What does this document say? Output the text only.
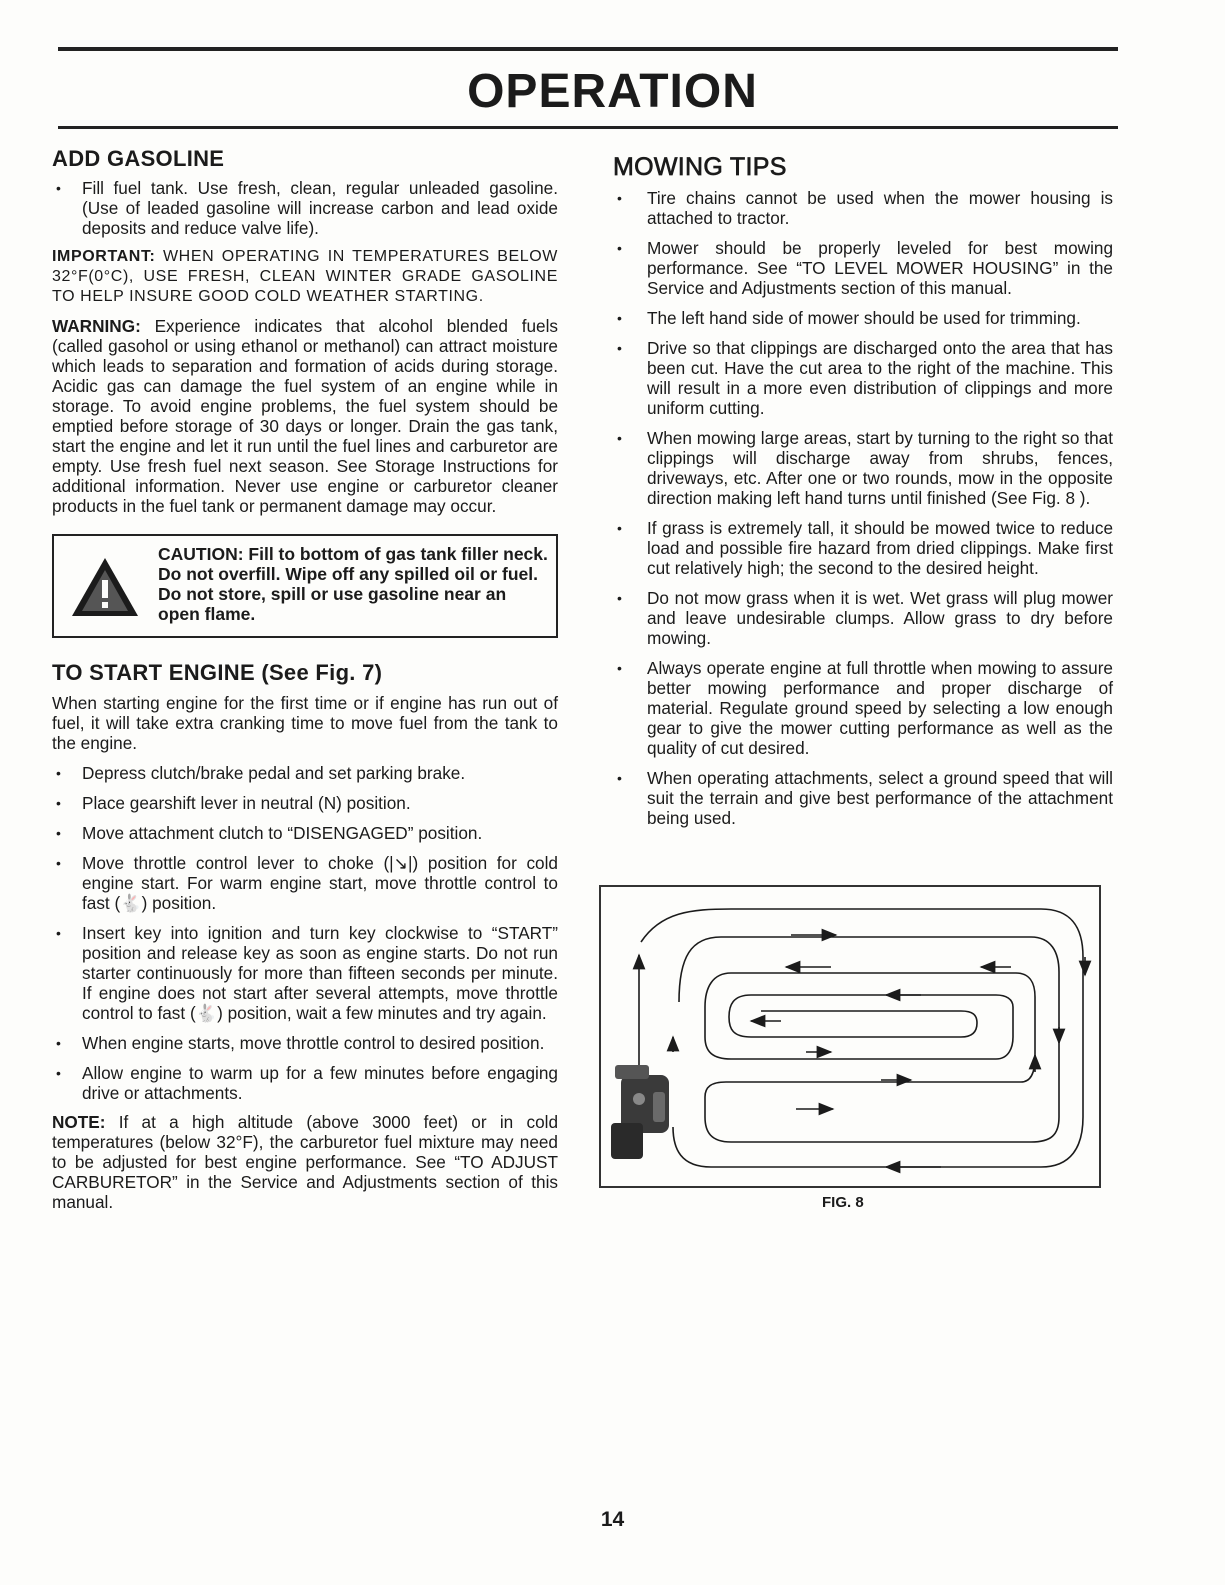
OPERATION
ADD GASOLINE
• Fill fuel tank. Use fresh, clean, regular unleaded gasoline. (Use of leaded gasoline will increase carbon and lead oxide deposits and reduce valve life).

IMPORTANT: WHEN OPERATING IN TEMPERATURES BELOW 32°F(0°C), USE FRESH, CLEAN WINTER GRADE GASOLINE TO HELP INSURE GOOD COLD WEATHER STARTING.

WARNING: Experience indicates that alcohol blended fuels (called gasohol or using ethanol or methanol) can attract moisture which leads to separation and formation of acids during storage. Acidic gas can damage the fuel system of an engine while in storage. To avoid engine problems, the fuel system should be emptied before storage of 30 days or longer. Drain the gas tank, start the engine and let it run until the fuel lines and carburetor are empty. Use fresh fuel next season. See Storage Instructions for additional information. Never use engine or carburetor cleaner products in the fuel tank or permanent damage may occur.

CAUTION: Fill to bottom of gas tank filler neck. Do not overfill. Wipe off any spilled oil or fuel. Do not store, spill or use gasoline near an open flame.
TO START ENGINE (See Fig. 7)

When starting engine for the first time or if engine has run out of fuel, it will take extra cranking time to move fuel from the tank to the engine.

• Depress clutch/brake pedal and set parking brake.
• Place gearshift lever in neutral (N) position.
• Move attachment clutch to “DISENGAGED” position.
• Move throttle control lever to choke (|↘|) position for cold engine start. For warm engine start, move throttle control to fast (🐇) position.
• Insert key into ignition and turn key clockwise to “START” position and release key as soon as engine starts. Do not run starter continuously for more than fifteen seconds per minute. If engine does not start after several attempts, move throttle control to fast (🐇) position, wait a few minutes and try again.
• When engine starts, move throttle control to desired position.
• Allow engine to warm up for a few minutes before engaging drive or attachments.

NOTE: If at a high altitude (above 3000 feet) or in cold temperatures (below 32°F), the carburetor fuel mixture may need to be adjusted for best engine performance. See “TO ADJUST CARBURETOR” in the Service and Adjustments section of this manual.

MOWING TIPS
• Tire chains cannot be used when the mower housing is attached to tractor.
• Mower should be properly leveled for best mowing performance. See “TO LEVEL MOWER HOUSING” in the Service and Adjustments section of this manual.
• The left hand side of mower should be used for trimming.
• Drive so that clippings are discharged onto the area that has been cut. Have the cut area to the right of the machine. This will result in a more even distribution of clippings and more uniform cutting.
• When mowing large areas, start by turning to the right so that clippings will discharge away from shrubs, fences, driveways, etc. After one or two rounds, mow in the opposite direction making left hand turns until finished (See Fig. 8 ).
• If grass is extremely tall, it should be mowed twice to reduce load and possible fire hazard from dried clippings. Make first cut relatively high; the second to the desired height.
• Do not mow grass when it is wet. Wet grass will plug mower and leave undesirable clumps. Allow grass to dry before mowing.
• Always operate engine at full throttle when mowing to assure better mowing performance and proper discharge of material. Regulate ground speed by selecting a low enough gear to give the mower cutting performance as well as the quality of cut desired.
• When operating attachments, select a ground speed that will suit the terrain and give best performance of the attachment being used.
FIG. 8
14
